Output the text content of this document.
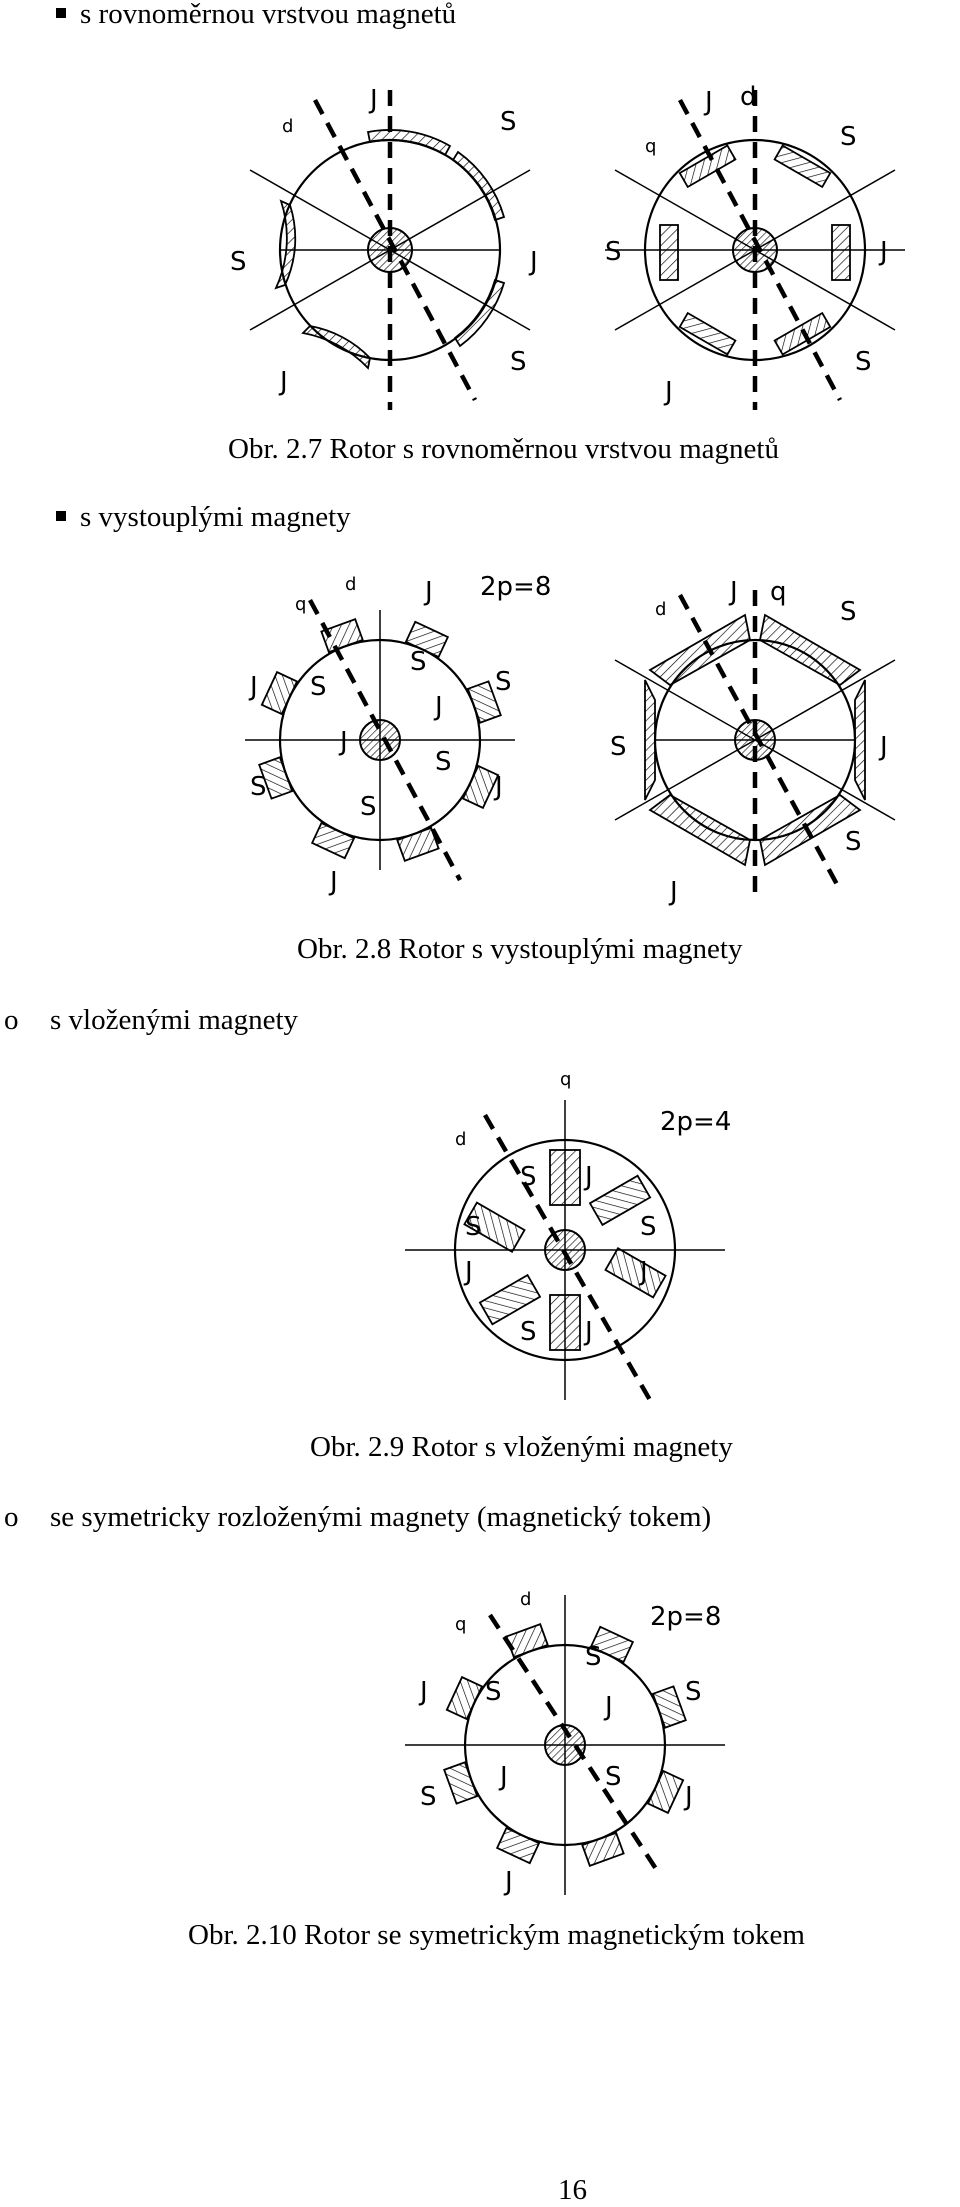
s rovnoměrnou vrstvou magnetů
d
J
S
S	J
J
S
q
J d
S
S	J
J
S
Obr. 2.7 Rotor s rovnoměrnou vrstvou magnetů
s vystouplými magnety
q
d	J 2p=8
J S
J
S
S
J
S
S
J
S
J
d
J q
S
S	J
J
S
Obr. 2.8 Rotor s vystouplými magnety
o s vloženými magnety
d
q
2p=4
S J
S	S
J	J
S J
Obr. 2.9 Rotor s vloženými magnety
o se symetricky rozloženými magnety (magnetický tokem)
q
d
2p=8
J S
S
J	S
S
J	S
J
J
Obr. 2.10 Rotor se symetrickým magnetickým tokem
16
